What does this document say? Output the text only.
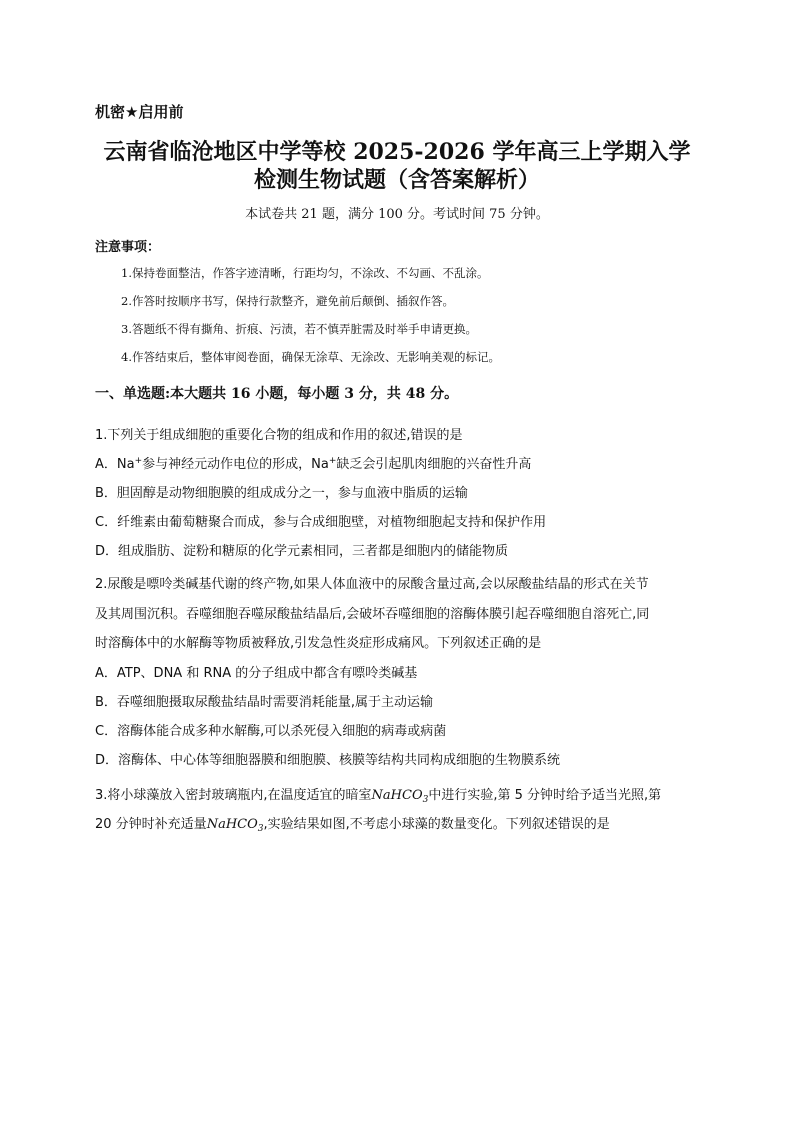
机密★启用前
云南省临沧地区中学等校 2025-2026 学年高三上学期入学
检测生物试题（含答案解析）
本试卷共 21 题，满分 100 分。考试时间 75 分钟。
注意事项：
1.保持卷面整洁，作答字迹清晰，行距均匀，不涂改、不勾画、不乱涂。
2.作答时按顺序书写，保持行款整齐，避免前后颠倒、插叙作答。
3.答题纸不得有撕角、折痕、污渍，若不慎弄脏需及时举手申请更换。
4.作答结束后，整体审阅卷面，确保无涂草、无涂改、无影响美观的标记。
一、单选题:本大题共 16 小题，每小题 3 分，共 48 分。
1.下列关于组成细胞的重要化合物的组成和作用的叙述,错误的是
A．Na+参与神经元动作电位的形成，Na+缺乏会引起肌肉细胞的兴奋性升高
B．胆固醇是动物细胞膜的组成成分之一，参与血液中脂质的运输
C．纤维素由葡萄糖聚合而成，参与合成细胞壁，对植物细胞起支持和保护作用
D．组成脂肪、淀粉和糖原的化学元素相同，三者都是细胞内的储能物质
2.尿酸是嘌呤类碱基代谢的终产物,如果人体血液中的尿酸含量过高,会以尿酸盐结晶的形式在关节
及其周围沉积。吞噬细胞吞噬尿酸盐结晶后,会破坏吞噬细胞的溶酶体膜引起吞噬细胞自溶死亡,同
时溶酶体中的水解酶等物质被释放,引发急性炎症形成痛风。下列叙述正确的是
A．ATP、DNA 和 RNA 的分子组成中都含有嘌呤类碱基
B．吞噬细胞摄取尿酸盐结晶时需要消耗能量,属于主动运输
C．溶酶体能合成多种水解酶,可以杀死侵入细胞的病毒或病菌
D．溶酶体、中心体等细胞器膜和细胞膜、核膜等结构共同构成细胞的生物膜系统
3.将小球藻放入密封玻璃瓶内,在温度适宜的暗室NaHCO$_3$中进行实验,第 5 分钟时给予适当光照,第
20 分钟时补充适量NaHCO$_3$,实验结果如图,不考虑小球藻的数量变化。下列叙述错误的是
